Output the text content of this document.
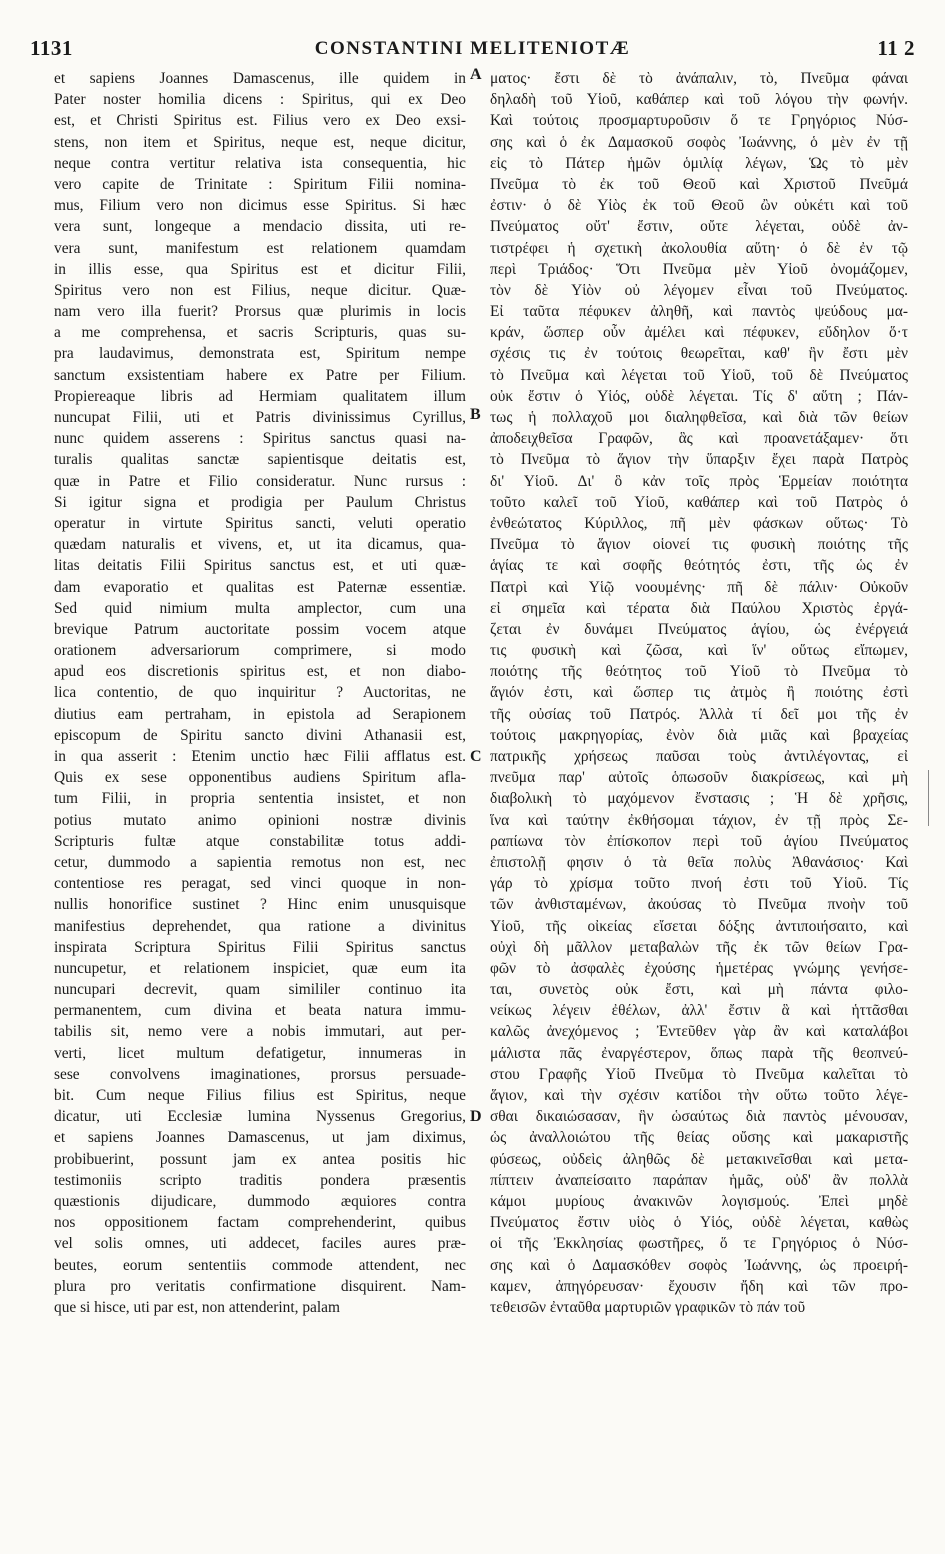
1131	CONSTANTINI MELITENIOTÆ	11 2
et sapiens Joannes Damascenus, ille quidem in
Pater noster homilia dicens : Spiritus, qui ex Deo
est, et Christi Spiritus est. Filius vero ex Deo exsi-
stens, non item et Spiritus, neque est, neque dicitur,
neque contra vertitur relativa ista consequentia, hic
vero capite de Trinitate : Spiritum Filii nomina-
mus, Filium vero non dicimus esse Spiritus. Si hæc
vera sunt, longeque a mendacio dissita, uti re-
vera sunt, manifestum est relationem quamdam
in illis esse, qua Spiritus est et dicitur Filii,
Spiritus vero non est Filius, neque dicitur. Quæ-
nam vero illa fuerit? Prorsus quæ plurimis in locis
a me comprehensa, et sacris Scripturis, quas su-
pra laudavimus, demonstrata est, Spiritum nempe
sanctum exsistentiam habere ex Patre per Filium.
Propiereaque libris ad Hermiam qualitatem illum
nuncupat Filii, uti et Patris divinissimus Cyrillus,
nunc quidem asserens : Spiritus sanctus quasi na-
turalis qualitas sanctæ sapientisque deitatis est,
quæ in Patre et Filio consideratur. Nunc rursus :
Si igitur signa et prodigia per Paulum Christus
operatur in virtute Spiritus sancti, veluti operatio
quædam naturalis et vivens, et, ut ita dicamus, qua-
litas deitatis Filii Spiritus sanctus est, et uti quæ-
dam evaporatio et qualitas est Paternæ essentiæ.
Sed quid nimium multa amplector, cum una
brevique Patrum auctoritate possim vocem atque
orationem adversariorum comprimere, si modo
apud eos discretionis spiritus est, et non diabo-
lica contentio, de quo inquiritur ? Auctoritas, ne
diutius eam pertraham, in epistola ad Serapionem
episcopum de Spiritu sancto divini Athanasii est,
in qua asserit : Etenim unctio hæc Filii afflatus est.
Quis ex sese opponentibus audiens Spiritum afla-
tum Filii, in propria sententia insistet, et non
potius mutato animo opinioni nostræ divinis
Scripturis fultæ atque constabilitæ totus addi-
cetur, dummodo a sapientia remotus non est, nec
contentiose res peragat, sed vinci quoque in non-
nullis honorifice sustinet ? Hinc enim unusquisque
manifestius deprehendet, qua ratione a divinitus
inspirata Scriptura Spiritus Filii Spiritus sanctus
nuncupetur, et relationem inspiciet, quæ eum ita
nuncupari decrevit, quam simililer continuo ita
permanentem, cum divina et beata natura immu-
tabilis sit, nemo vere a nobis immutari, aut per-
verti, licet multum defatigetur, innumeras in
sese convolvens imaginationes, prorsus persuade-
bit. Cum neque Filius filius est Spiritus, neque
dicatur, uti Ecclesiæ lumina Nyssenus Gregorius,
et sapiens Joannes Damascenus, ut jam diximus,
probibuerint, possunt jam ex antea positis hic
testimoniis scripto traditis pondera præsentis
quæstionis dijudicare, dummodo æquiores contra
nos oppositionem factam comprehenderint, quibus
vel solis omnes, uti addecet, faciles aures præ-
beutes, eorum sententiis commode attendent, nec
plura pro veritatis confirmatione disquirent. Nam-
que si hisce, uti par est, non attenderint, palam
ματος· ἔστι δὲ τὸ ἀνάπαλιν, τὸ, Πνεῦμα φάναι
δηλαδὴ τοῦ Υἱοῦ, καθάπερ καὶ τοῦ λόγου τὴν φωνήν.
Καὶ τούτοις προσμαρτυροῦσιν ὅ τε Γρηγόριος Νύσ-
σης καὶ ὁ ἐκ Δαμασκοῦ σοφὸς Ἰωάννης, ὁ μὲν ἐν τῇ
εἰς τὸ Πάτερ ἡμῶν ὁμιλίᾳ λέγων, Ὡς τὸ μὲν
Πνεῦμα τὸ ἐκ τοῦ Θεοῦ καὶ Χριστοῦ Πνεῦμά
ἐστιν· ὁ δὲ Υἱὸς ἐκ τοῦ Θεοῦ ὢν οὐκέτι καὶ τοῦ
Πνεύματος οὔτ' ἔστιν, οὔτε λέγεται, οὐδὲ ἀν-
τιστρέφει ἡ σχετικὴ ἀκολουθία αὕτη· ὁ δὲ ἐν τῷ
περὶ Τριάδος· Ὅτι Πνεῦμα μὲν Υἱοῦ ὀνομάζομεν,
τὸν δὲ Υἱὸν οὐ λέγομεν εἶναι τοῦ Πνεύματος.
Εἰ ταῦτα πέφυκεν ἀληθῆ, καὶ παντὸς ψεύδους μα-
κράν, ὥσπερ οὖν ἀμέλει καὶ πέφυκεν, εὔδηλον ὅ·τ
σχέσις τις ἐν τούτοις θεωρεῖται, καθ' ἣν ἔστι μὲν
τὸ Πνεῦμα καὶ λέγεται τοῦ Υἱοῦ, τοῦ δὲ Πνεύματος
οὐκ ἔστιν ὁ Υἱός, οὐδὲ λέγεται. Τίς δ' αὕτη ; Πάν-
τως ἡ πολλαχοῦ μοι διαληφθεῖσα, καὶ διὰ τῶν θείων
ἀποδειχθεῖσα Γραφῶν, ἃς καὶ προανετάξαμεν· ὅτι
τὸ Πνεῦμα τὸ ἅγιον τὴν ὕπαρξιν ἔχει παρὰ Πατρὸς
δι' Υἱοῦ. Δι' ὃ κἀν τοῖς πρὸς Ἑρμείαν ποιότητα
τοῦτο καλεῖ τοῦ Υἱοῦ, καθάπερ καὶ τοῦ Πατρὸς ὁ
ἐνθεώτατος Κύριλλος, πῆ μὲν φάσκων οὕτως· Τὸ
Πνεῦμα τὸ ἅγιον οἱονεί τις φυσικὴ ποιότης τῆς
ἁγίας τε καὶ σοφῆς θεότητός ἐστι, τῆς ὡς ἐν
Πατρὶ καὶ Υἱῷ νοουμένης· πῆ δὲ πάλιν· Οὐκοῦν
εἰ σημεῖα καὶ τέρατα διὰ Παύλου Χριστὸς ἐργά-
ζεται ἐν δυνάμει Πνεύματος ἁγίου, ὡς ἐνέργειά
τις φυσικὴ καὶ ζῶσα, καὶ ἵν' οὕτως εἴπωμεν,
ποιότης τῆς θεότητος τοῦ Υἱοῦ τὸ Πνεῦμα τὸ
ἅγιόν ἐστι, καὶ ὥσπερ τις ἀτμὸς ἢ ποιότης ἐστὶ
τῆς οὐσίας τοῦ Πατρός. Ἀλλὰ τί δεῖ μοι τῆς ἐν
τούτοις μακρηγορίας, ἐνὸν διὰ μιᾶς καὶ βραχείας
πατρικῆς χρήσεως παῦσαι τοὺς ἀντιλέγοντας, εἰ
πνεῦμα παρ' αὐτοῖς ὁπωσοῦν διακρίσεως, καὶ μὴ
διαβολικὴ τὸ μαχόμενον ἔνστασις ; Ἡ δὲ χρῆσις,
ἵνα καὶ ταύτην ἐκθήσομαι τάχιον, ἐν τῇ πρὸς Σε-
ραπίωνα τὸν ἐπίσκοπον περὶ τοῦ ἁγίου Πνεύματος
ἐπιστολῇ φησιν ὁ τὰ θεῖα πολὺς Ἀθανάσιος· Καὶ
γάρ τὸ χρίσμα τοῦτο πνοή ἐστι τοῦ Υἱοῦ. Τίς
τῶν ἀνθισταμένων, ἀκούσας τὸ Πνεῦμα πνοὴν τοῦ
Υἱοῦ, τῆς οἰκείας εἴσεται δόξης ἀντιποιήσαιτο, καὶ
οὐχὶ δὴ μᾶλλον μεταβαλὼν τῆς ἐκ τῶν θείων Γρα-
φῶν τὸ ἀσφαλὲς ἐχούσης ἡμετέρας γνώμης γενήσε-
ται, συνετὸς οὐκ ἔστι, καὶ μὴ πάντα φιλο-
νείκως λέγειν ἐθέλων, ἀλλ' ἔστιν ἃ καὶ ἡττᾶσθαι
καλῶς ἀνεχόμενος ; Ἐντεῦθεν γὰρ ἂν καὶ καταλάβοι
μάλιστα πᾶς ἐναργέστερον, ὅπως παρὰ τῆς θεοπνεύ-
στου Γραφῆς Υἱοῦ Πνεῦμα τὸ Πνεῦμα καλεῖται τὸ
ἅγιον, καὶ τὴν σχέσιν κατίδοι τὴν οὕτω τοῦτο λέγε-
σθαι δικαιώσασαν, ἣν ὡσαύτως διὰ παντὸς μένουσαν,
ὡς ἀναλλοιώτου τῆς θείας οὔσης καὶ μακαριστῆς
φύσεως, οὐδεὶς ἀληθῶς δὲ μετακινεῖσθαι καὶ μετα-
πίπτειν ἀναπείσαιτο παράπαν ἡμᾶς, οὐδ' ἂν πολλὰ
κάμοι μυρίους ἀνακινῶν λογισμούς. Ἐπεὶ μηδὲ
Πνεύματος ἔστιν υἱὸς ὁ Υἱός, οὐδὲ λέγεται, καθὼς
οἱ τῆς Ἐκκλησίας φωστῆρες, ὅ τε Γρηγόριος ὁ Νύσ-
σης καὶ ὁ Δαμασκόθεν σοφὸς Ἰωάννης, ὡς προειρή-
καμεν, ἀπηγόρευσαν· ἔχουσιν ἤδη καὶ τῶν προ-
τεθεισῶν ἐνταῦθα μαρτυριῶν γραφικῶν τὸ πάν τοῦ
A
B
C
D
